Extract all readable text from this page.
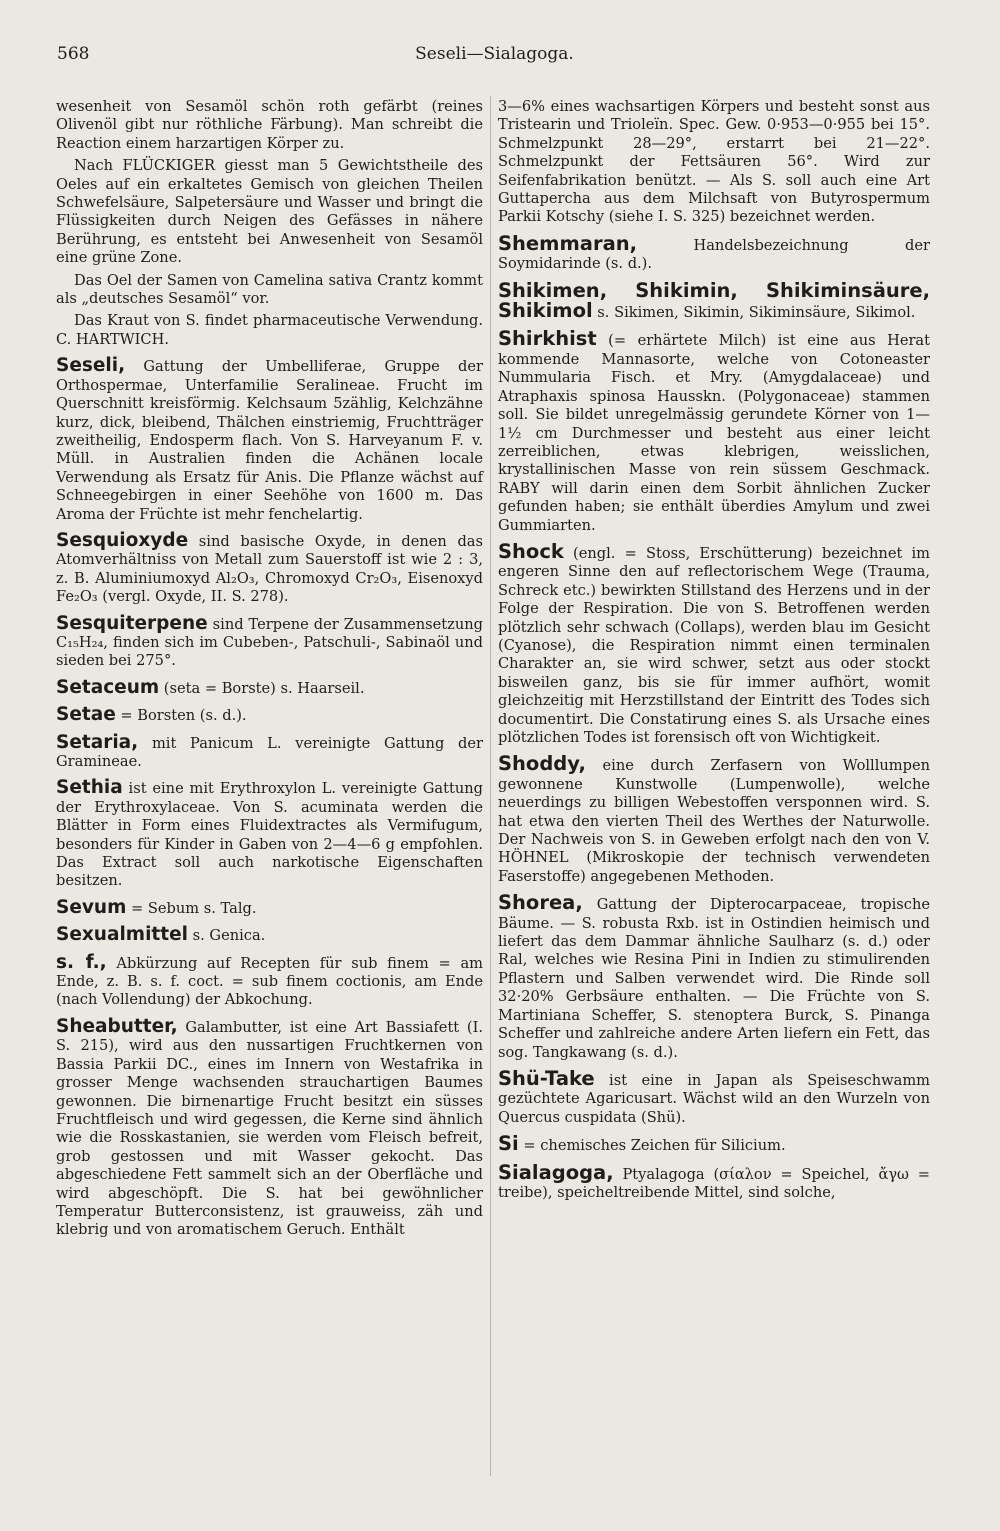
568	Seseli—Sialagoga.

wesenheit von Sesamöl schön roth gefärbt (reines Olivenöl gibt nur röthliche Färbung). Man schreibt die Reaction einem harzartigen Körper zu.

Nach FLÜCKIGER giesst man 5 Gewichtstheile des Oeles auf ein erkaltetes Gemisch von gleichen Theilen Schwefelsäure, Salpetersäure und Wasser und bringt die Flüssigkeiten durch Neigen des Gefässes in nähere Berührung, es entsteht bei Anwesenheit von Sesamöl eine grüne Zone.

Das Oel der Samen von Camelina sativa Crantz kommt als „deutsches Sesamöl“ vor.

Das Kraut von S. findet pharmaceutische Verwendung. C. HARTWICH.

Seseli, Gattung der Umbelliferae, Gruppe der Orthospermae, Unterfamilie Seralineae. Frucht im Querschnitt kreisförmig. Kelchsaum 5zählig, Kelchzähne kurz, dick, bleibend, Thälchen einstriemig, Fruchtträger zweitheilig, Endosperm flach. Von S. Harveyanum F. v. Müll. in Australien finden die Achänen locale Verwendung als Ersatz für Anis. Die Pflanze wächst auf Schneegebirgen in einer Seehöhe von 1600 m. Das Aroma der Früchte ist mehr fenchelartig.

Sesquioxyde sind basische Oxyde, in denen das Atomverhältniss von Metall zum Sauerstoff ist wie 2 : 3, z. B. Aluminiumoxyd Al₂O₃, Chromoxyd Cr₂O₃, Eisenoxyd Fe₂O₃ (vergl. Oxyde, II. S. 278).

Sesquiterpene sind Terpene der Zusammensetzung C₁₅H₂₄, finden sich im Cubeben-, Patschuli-, Sabinaöl und sieden bei 275°.

Setaceum (seta = Borste) s. Haarseil.

Setae = Borsten (s. d.).

Setaria, mit Panicum L. vereinigte Gattung der Gramineae.

Sethia ist eine mit Erythroxylon L. vereinigte Gattung der Erythroxylaceae. Von S. acuminata werden die Blätter in Form eines Fluidextractes als Vermifugum, besonders für Kinder in Gaben von 2—4—6 g empfohlen. Das Extract soll auch narkotische Eigenschaften besitzen.

Sevum = Sebum s. Talg.

Sexualmittel s. Genica.

s. f., Abkürzung auf Recepten für sub finem = am Ende, z. B. s. f. coct. = sub finem coctionis, am Ende (nach Vollendung) der Abkochung.

Sheabutter, Galambutter, ist eine Art Bassiafett (I. S. 215), wird aus den nussartigen Fruchtkernen von Bassia Parkii DC., eines im Innern von Westafrika in grosser Menge wachsenden strauchartigen Baumes gewonnen. Die birnenartige Frucht besitzt ein süsses Fruchtfleisch und wird gegessen, die Kerne sind ähnlich wie die Rosskastanien, sie werden vom Fleisch befreit, grob gestossen und mit Wasser gekocht. Das abgeschiedene Fett sammelt sich an der Oberfläche und wird abgeschöpft. Die S. hat bei gewöhnlicher Temperatur Butterconsistenz, ist grauweiss, zäh und klebrig und von aromatischem Geruch. Enthält

3—6% eines wachsartigen Körpers und besteht sonst aus Tristearin und Trioleïn. Spec. Gew. 0·953—0·955 bei 15°. Schmelzpunkt 28—29°, erstarrt bei 21—22°. Schmelzpunkt der Fettsäuren 56°. Wird zur Seifenfabrikation benützt. — Als S. soll auch eine Art Guttapercha aus dem Milchsaft von Butyrospermum Parkii Kotschy (siehe I. S. 325) bezeichnet werden.

Shemmaran, Handelsbezeichnung der Soymidarinde (s. d.).

Shikimen, Shikimin, Shikiminsäure, Shikimol s. Sikimen, Sikimin, Sikiminsäure, Sikimol.

Shirkhist (= erhärtete Milch) ist eine aus Herat kommende Mannasorte, welche von Cotoneaster Nummularia Fisch. et Mry. (Amygdalaceae) und Atraphaxis spinosa Hausskn. (Polygonaceae) stammen soll. Sie bildet unregelmässig gerundete Körner von 1—1½ cm Durchmesser und besteht aus einer leicht zerreiblichen, etwas klebrigen, weisslichen, krystallinischen Masse von rein süssem Geschmack. RABY will darin einen dem Sorbit ähnlichen Zucker gefunden haben; sie enthält überdies Amylum und zwei Gummiarten.

Shock (engl. = Stoss, Erschütterung) bezeichnet im engeren Sinne den auf reflectorischem Wege (Trauma, Schreck etc.) bewirkten Stillstand des Herzens und in der Folge der Respiration. Die von S. Betroffenen werden plötzlich sehr schwach (Collaps), werden blau im Gesicht (Cyanose), die Respiration nimmt einen terminalen Charakter an, sie wird schwer, setzt aus oder stockt bisweilen ganz, bis sie für immer aufhört, womit gleichzeitig mit Herzstillstand der Eintritt des Todes sich documentirt. Die Constatirung eines S. als Ursache eines plötzlichen Todes ist forensisch oft von Wichtigkeit.

Shoddy, eine durch Zerfasern von Wolllumpen gewonnene Kunstwolle (Lumpenwolle), welche neuerdings zu billigen Webestoffen versponnen wird. S. hat etwa den vierten Theil des Werthes der Naturwolle. Der Nachweis von S. in Geweben erfolgt nach den von V. HÖHNEL (Mikroskopie der technisch verwendeten Faserstoffe) angegebenen Methoden.

Shorea, Gattung der Dipterocarpaceae, tropische Bäume. — S. robusta Rxb. ist in Ostindien heimisch und liefert das dem Dammar ähnliche Saulharz (s. d.) oder Ral, welches wie Resina Pini in Indien zu stimulirenden Pflastern und Salben verwendet wird. Die Rinde soll 32·20% Gerbsäure enthalten. — Die Früchte von S. Martiniana Scheffer, S. stenoptera Burck, S. Pinanga Scheffer und zahlreiche andere Arten liefern ein Fett, das sog. Tangkawang (s. d.).

Shü-Take ist eine in Japan als Speiseschwamm gezüchtete Agaricusart. Wächst wild an den Wurzeln von Quercus cuspidata (Shü).

Si = chemisches Zeichen für Silicium.

Sialagoga, Ptyalagoga (σίαλον = Speichel, ἄγω = treibe), speicheltreibende Mittel, sind solche,
